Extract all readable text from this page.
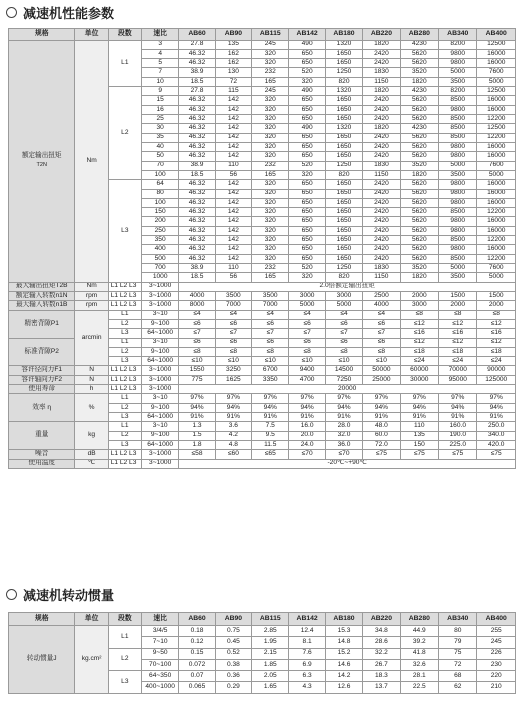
减速机性能参数
规格	单位	段数	速比	AB60	AB90	AB115	AB142	AB180	AB220	AB280	AB340	AB400
额定输出扭矩
T2N	Nm	L1	3	27.8	135	245	490	1320	1820	4230	8200	12500
			4	46.32	162	320	650	1650	2420	5620	9800	16000
			5	46.32	162	320	650	1650	2420	5620	9800	16000
			7	38.9	130	232	520	1250	1830	3520	5000	7600
			10	18.5	72	165	320	820	1150	1820	3500	5000
		L2	9	27.8	115	245	490	1320	1820	4230	8200	12500
			15	46.32	142	320	650	1650	2420	5620	8500	16000
			16	46.32	142	320	650	1650	2420	5620	9800	16000
			25	46.32	142	320	650	1650	2420	5620	8500	12200
			30	46.32	142	320	490	1320	1820	4230	8500	12500
			35	46.32	142	320	650	1650	2420	5620	8500	12200
			40	46.32	142	320	650	1650	2420	5620	9800	16000
			50	46.32	142	320	650	1650	2420	5620	9800	16000
			70	38.9	110	232	520	1250	1830	3520	5000	7600
			100	18.5	56	165	320	820	1150	1820	3500	5000
		L3	64	46.32	142	320	650	1650	2420	5620	9800	16000
			80	46.32	142	320	650	1650	2420	5620	9800	16000
			100	46.32	142	320	650	1650	2420	5620	9800	16000
			150	46.32	142	320	650	1650	2420	5620	8500	12200
			200	46.32	142	320	650	1650	2420	5620	9800	16000
			250	46.32	142	320	650	1650	2420	5620	9800	16000
			350	46.32	142	320	650	1650	2420	5620	8500	12200
			400	46.32	142	320	650	1650	2420	5620	9800	16000
			500	46.32	142	320	650	1650	2420	5620	8500	12200
			700	38.9	110	232	520	1250	1830	3520	5000	7600
			1000	18.5	56	165	320	820	1150	1820	3500	5000
最大输出扭矩T2B	Nm	L1 L2 L3	3~1000	2.0倍额定输出扭矩								
额定输入转数n1N	rpm	L1 L2 L3	3~1000	4000	3500	3500	3000	3000	2500	2000	1500	1500
最大输入转数n1B	rpm	L1 L2 L3	3~1000	8000	7000	7000	5000	5000	4000	3000	2000	2000
精密背隙P1	arcmin	L1	3~10	≤4	≤4	≤4	≤4	≤4	≤4	≤8	≤8	≤8
		L2	9~100	≤6	≤6	≤6	≤6	≤6	≤6	≤12	≤12	≤12
		L3	64~1000	≤7	≤7	≤7	≤7	≤7	≤7	≤16	≤16	≤16
标准背隙P2		L1	3~10	≤6	≤6	≤6	≤6	≤6	≤6	≤12	≤12	≤12
		L2	9~100	≤8	≤8	≤8	≤8	≤8	≤8	≤18	≤18	≤18
		L3	64~1000	≤10	≤10	≤10	≤10	≤10	≤10	≤24	≤24	≤24
容许径向力F1	N	L1 L2 L3	3~1000	1550	3250	6700	9400	14500	50000	60000	70000	90000
容许轴向力F2	N	L1 L2 L3	3~1000	775	1625	3350	4700	7250	25000	30000	95000	125000
使用寿命	h	L1 L2 L3	3~1000	20000								
效率 η	%	L1	3~10	97%	97%	97%	97%	97%	97%	97%	97%	97%
		L2	9~100	94%	94%	94%	94%	94%	94%	94%	94%	94%
		L3	64~1000	91%	91%	91%	91%	91%	91%	91%	91%	91%
重量	kg	L1	3~10	1.3	3.6	7.5	16.0	28.0	48.0	110	160.0	250.0
		L2	9~100	1.5	4.2	9.5	20.0	32.0	60.0	135	190.0	340.0
		L3	64~1000	1.8	4.8	11.5	24.0	36.0	72.0	150	225.0	420.0
噪音	dB	L1 L2 L3	3~1000	≤58	≤60	≤65	≤70	≤70	≤75	≤75	≤75	≤75
使用温度	℃	L1 L2 L3	3~1000	-20℃~+90℃								
减速机转动惯量
规格	单位	段数	速比	AB60	AB90	AB115	AB142	AB180	AB220	AB280	AB340	AB400
转动惯量J	kg.cm²	L1	3/4/5	0.18	0.75	2.85	12.4	15.3	34.8	44.9	80	255
			7~10	0.12	0.45	1.95	8.1	14.8	28.6	39.2	79	245
		L2	9~50	0.15	0.52	2.15	7.6	15.2	32.2	41.8	75	226
			70~100	0.072	0.38	1.85	6.9	14.6	26.7	32.6	72	230
		L3	64~350	0.07	0.36	2.05	6.3	14.2	18.3	28.1	68	220
			400~1000	0.065	0.29	1.65	4.3	12.6	13.7	22.5	62	210
